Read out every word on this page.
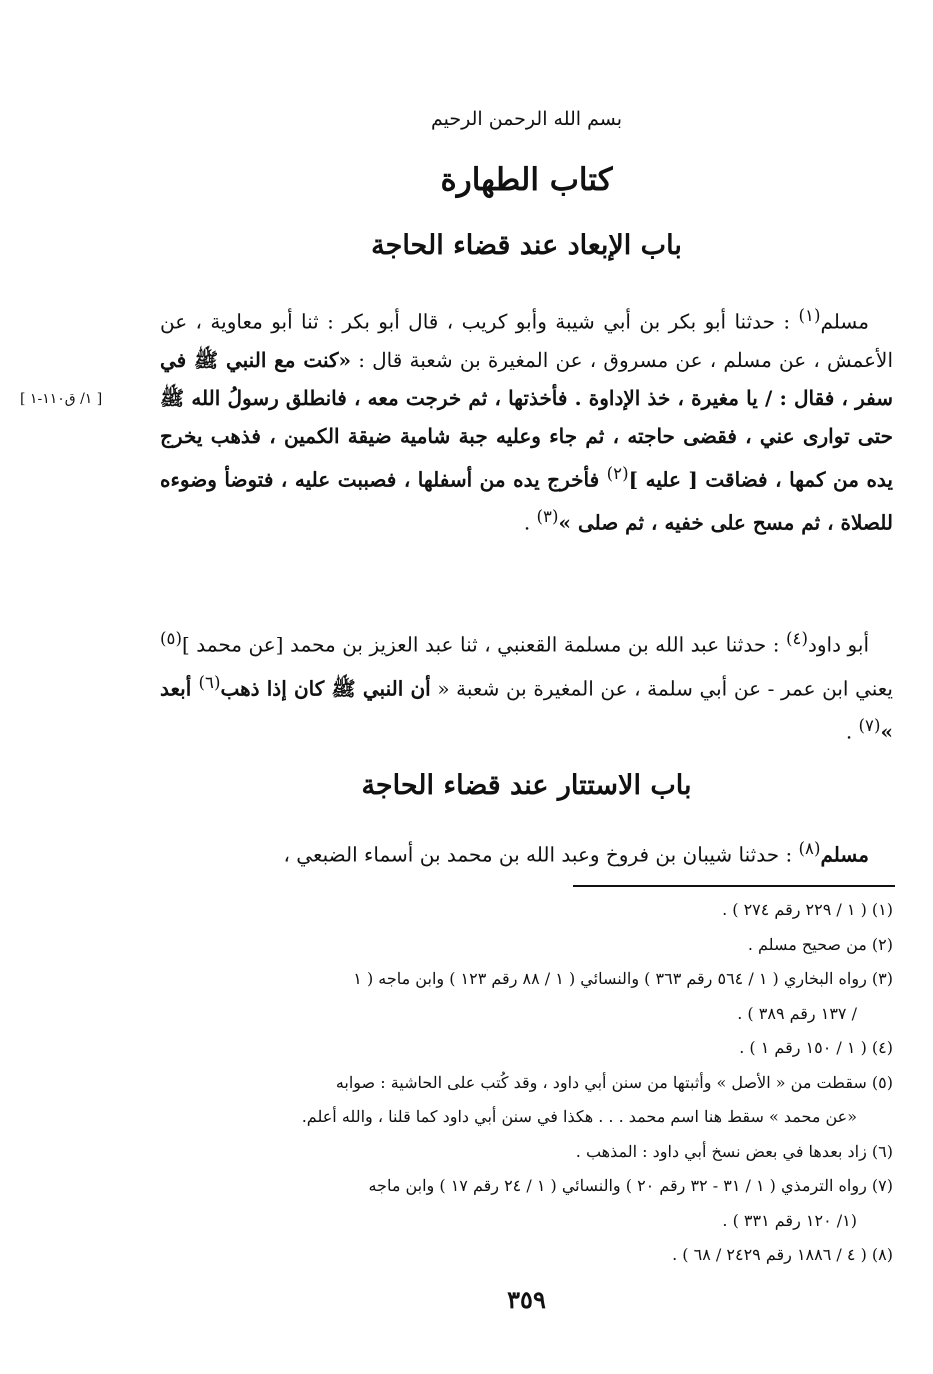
بسم الله الرحمن الرحيم
كتاب الطهارة
باب الإبعاد عند قضاء الحاجة

مسلم$^{(١)}$ : حدثنا أبو بكر بن أبي شيبة وأبو كريب ، قال أبو بكر : ثنا أبو معاوية ، عن الأعمش ، عن مسلم ، عن مسروق ، عن المغيرة بن شعبة قال : «كنت مع النبي ﷺ في سفر ، فقال : / يا مغيرة ، خذ الإداوة . فأخذتها ، ثم خرجت معه ، فانطلق رسولُ الله ﷺ حتى توارى عني ، فقضى حاجته ، ثم جاء وعليه جبة شامية ضيقة الكمين ، فذهب يخرج يده من كمها ، فضاقت [ عليه ]$^{(٢)}$ فأخرج يده من أسفلها ، فصببت عليه ، فتوضأ وضوءه للصلاة ، ثم مسح على خفيه ، ثم صلى »$^{(٣)}$ .

[ ١/ ق١١٠-١ ]

أبو داود$^{(٤)}$ : حدثنا عبد الله بن مسلمة القعنبي ، ثنا عبد العزيز بن محمد [عن محمد ]$^{(٥)}$ يعني ابن عمر - عن أبي سلمة ، عن المغيرة بن شعبة « أن النبي ﷺ كان إذا ذهب$^{(٦)}$ أبعد »$^{(٧)}$ .

باب الاستتار عند قضاء الحاجة

مسلم$^{(٨)}$ : حدثنا شيبان بن فروخ وعبد الله بن محمد بن أسماء الضبعي ،

(١) ( ١ / ٢٢٩ رقم ٢٧٤ ) .
(٢) من صحيح مسلم .
(٣) رواه البخاري ( ١ / ٥٦٤ رقم ٣٦٣ ) والنسائي ( ١ / ٨٨ رقم ١٢٣ ) وابن ماجه ( ١
/ ١٣٧ رقم ٣٨٩ ) .
(٤) ( ١ / ١٥٠ رقم ١ ) .
(٥) سقطت من « الأصل » وأثبتها من سنن أبي داود ، وقد كُتب على الحاشية : صوابه
«عن محمد » سقط هنا اسم محمد . . . هكذا في سنن أبي داود كما قلنا ، والله أعلم.
(٦) زاد بعدها في بعض نسخ أبي داود : المذهب .
(٧) رواه الترمذي ( ١ / ٣١ - ٣٢ رقم ٢٠ ) والنسائي ( ١ / ٢٤ رقم ١٧ ) وابن ماجه
(١/ ١٢٠ رقم ٣٣١ ) .
(٨) ( ٤ / ١٨٨٦ رقم ٢٤٢٩ / ٦٨ ) .
٣٥٩
